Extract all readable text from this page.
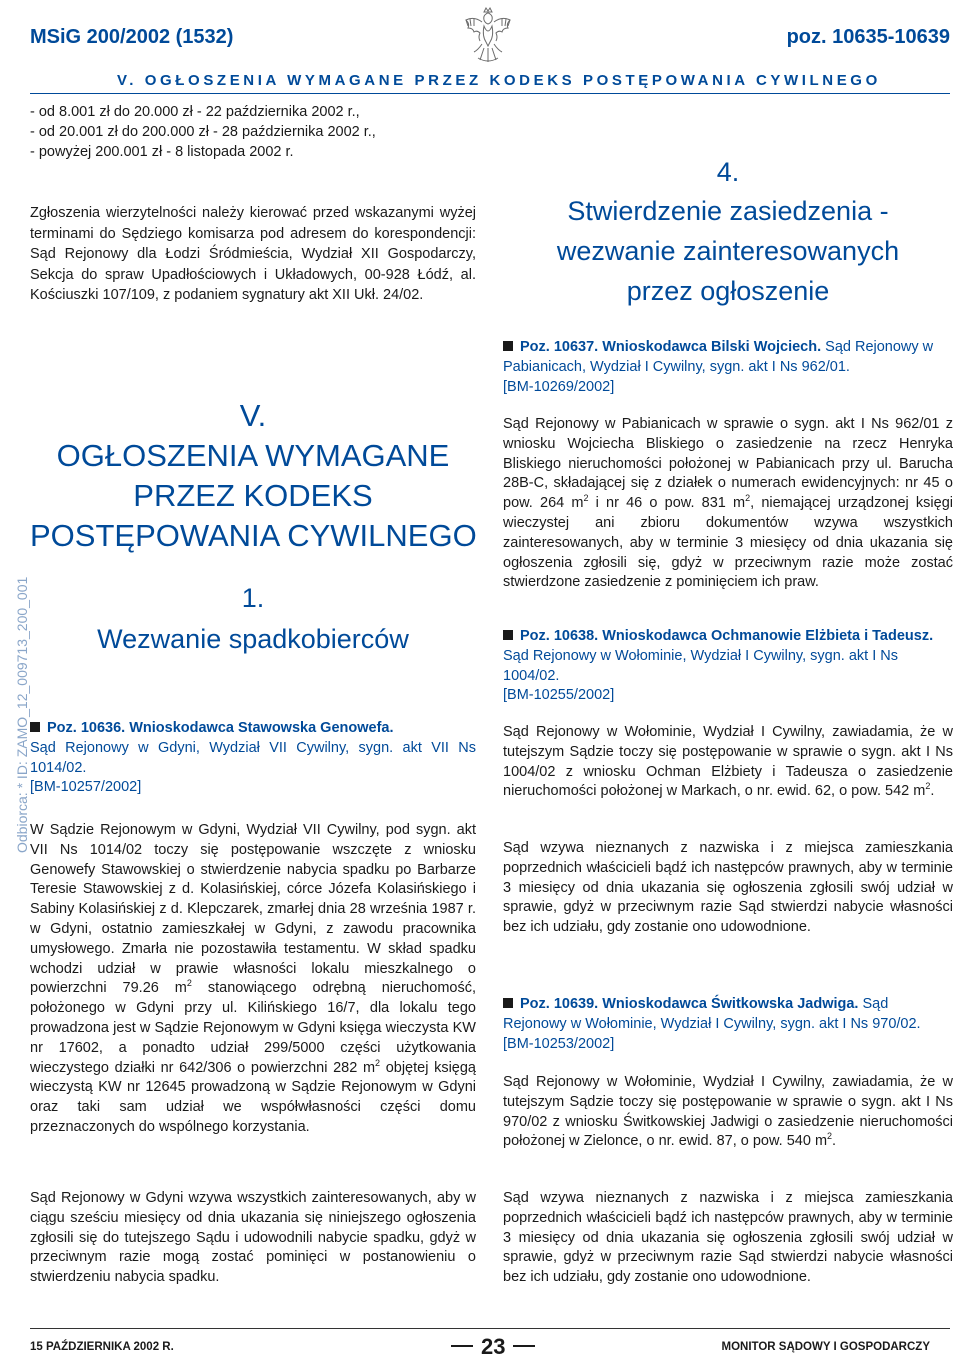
MSiG 200/2002 (1532)	poz. 10635-10639
V. OGŁOSZENIA WYMAGANE PRZEZ KODEKS POSTĘPOWANIA CYWILNEGO
Odbiorca: * ID: ZAMO_12_009713_200_001

- od 8.001 zł do 20.000 zł - 22 października 2002 r.,

- od 20.001 zł do 200.000 zł - 28 października 2002 r.,

- powyżej 200.001 zł - 8 listopada 2002 r.

Zgłoszenia wierzytelności należy kierować przed wskazanymi wyżej terminami do Sędziego komisarza pod adresem do korespondencji: Sąd Rejonowy dla Łodzi Śródmieścia, Wydział XII Gospodarczy, Sekcja do spraw Upadłościowych i Układowych, 00-928 Łódź, al. Kościuszki 107/109, z podaniem sygnatury akt XII Ukł. 24/02.

V.
OGŁOSZENIA WYMAGANE
PRZEZ KODEKS
POSTĘPOWANIA CYWILNEGO
1.
Wezwanie spadkobierców

Poz. 10636. Wnioskodawca Stawowska Genowefa.

Sąd Rejonowy w Gdyni, Wydział VII Cywilny, sygn. akt VII Ns 1014/02.

[BM-10257/2002]

W Sądzie Rejonowym w Gdyni, Wydział VII Cywilny, pod sygn. akt VII Ns 1014/02 toczy się postępowanie wszczęte z wniosku Genowefy Stawowskiej o stwierdzenie nabycia spadku po Barbarze Teresie Stawowskiej z d. Kolasińskiej, córce Józefa Kolasińskiego i Sabiny Kolasińskiej z d. Klepczarek, zmarłej dnia 28 września 1987 r. w Gdyni, ostatnio zamieszkałej w Gdyni, z zawodu pracownika umysłowego. Zmarła nie pozostawiła testamentu. W skład spadku wchodzi udział w prawie własności lokalu mieszkalnego o powierzchni 79.26 $m^2$ stanowiącego odrębną nieruchomość, położonego w Gdyni przy ul. Kilińskiego 16/7, dla lokalu tego prowadzona jest w Sądzie Rejonowym w Gdyni księga wieczysta KW nr 17602, a ponadto udział 299/5000 części użytkowania wieczystego działki nr 642/306 o powierzchni 282 $m^2$ objętej księgą wieczystą KW nr 12645 prowadzoną w Sądzie Rejonowym w Gdyni oraz taki sam udział we współwłasności części domu przeznaczonych do wspólnego korzystania.

Sąd Rejonowy w Gdyni wzywa wszystkich zainteresowanych, aby w ciągu sześciu miesięcy od dnia ukazania się niniejszego ogłoszenia zgłosili się do tutejszego Sądu i udowodnili nabycie spadku, gdyż w przeciwnym razie mogą zostać pominięci w postanowieniu o stwierdzeniu nabycia spadku.

4.
Stwierdzenie zasiedzenia -
wezwanie zainteresowanych
przez ogłoszenie

Poz. 10637. Wnioskodawca Bilski Wojciech. Sąd Rejonowy w Pabianicach, Wydział I Cywilny, sygn. akt I Ns 962/01.

[BM-10269/2002]

Sąd Rejonowy w Pabianicach w sprawie o sygn. akt I Ns 962/01 z wniosku Wojciecha Bliskiego o zasiedzenie na rzecz Henryka Bliskiego nieruchomości położonej w Pabianicach przy ul. Barucha 28B-C, składającej się z działek o numerach ewidencyjnych: nr 45 o pow. 264 $m^2$ i nr 46 o pow. 831 $m^2$, niemającej urządzonej księgi wieczystej ani zbioru dokumentów wzywa wszystkich zainteresowanych, aby w terminie 3 miesięcy od dnia ukazania się ogłoszenia zgłosili się, gdyż w przeciwnym razie może zostać stwierdzone zasiedzenie z pominięciem ich praw.

Poz. 10638. Wnioskodawca Ochmanowie Elżbieta i Tadeusz.

Sąd Rejonowy w Wołominie, Wydział I Cywilny, sygn. akt I Ns 1004/02.

[BM-10255/2002]

Sąd Rejonowy w Wołominie, Wydział I Cywilny, zawiadamia, że w tutejszym Sądzie toczy się postępowanie w sprawie o sygn. akt I Ns 1004/02 z wniosku Ochman Elżbiety i Tadeusza o zasiedzenie nieruchomości położonej w Markach, o nr. ewid. 62, o pow. 542 $m^2$.

Sąd wzywa nieznanych z nazwiska i z miejsca zamieszkania poprzednich właścicieli bądź ich następców prawnych, aby w terminie 3 miesięcy od dnia ukazania się ogłoszenia zgłosili swój udział w sprawie, gdyż w przeciwnym razie Sąd stwierdzi nabycie własności bez ich udziału, gdy zostanie ono udowodnione.

Poz. 10639. Wnioskodawca Świtkowska Jadwiga. Sąd Rejonowy w Wołominie, Wydział I Cywilny, sygn. akt I Ns 970/02.

[BM-10253/2002]

Sąd Rejonowy w Wołominie, Wydział I Cywilny, zawiadamia, że w tutejszym Sądzie toczy się postępowanie w sprawie o sygn. akt I Ns 970/02 z wniosku Świtkowskiej Jadwigi o zasiedzenie nieruchomości położonej w Zielonce, o nr. ewid. 87, o pow. 540 $m^2$.

Sąd wzywa nieznanych z nazwiska i z miejsca zamieszkania poprzednich właścicieli bądź ich następców prawnych, aby w terminie 3 miesięcy od dnia ukazania się ogłoszenia zgłosili swój udział w sprawie, gdyż w przeciwnym razie Sąd stwierdzi nabycie własności bez ich udziału, gdy zostanie ono udowodnione.

15 PAŹDZIERNIKA 2002 R.	23	MONITOR SĄDOWY I GOSPODARCZY
